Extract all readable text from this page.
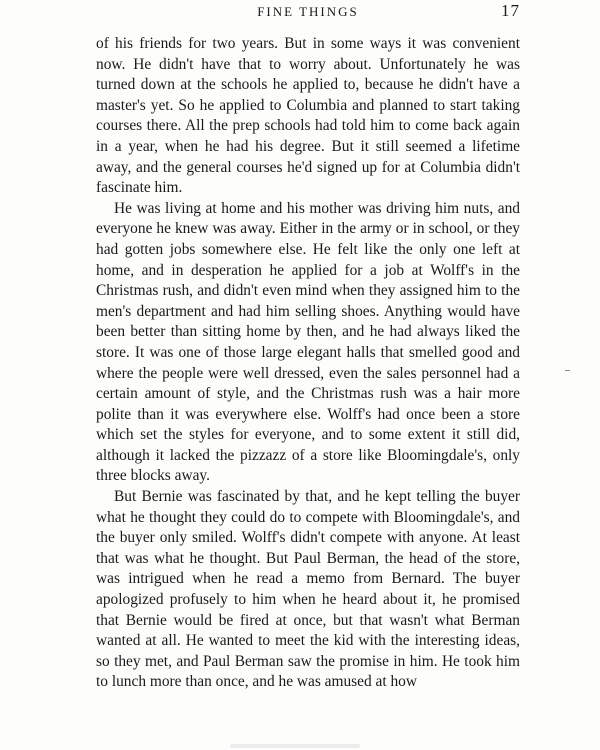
FINE THINGS	17

of his friends for two years. But in some ways it was convenient now. He didn't have that to worry about. Unfortunately he was turned down at the schools he applied to, because he didn't have a master's yet. So he applied to Columbia and planned to start taking courses there. All the prep schools had told him to come back again in a year, when he had his degree. But it still seemed a lifetime away, and the general courses he'd signed up for at Columbia didn't fascinate him.

He was living at home and his mother was driving him nuts, and everyone he knew was away. Either in the army or in school, or they had gotten jobs somewhere else. He felt like the only one left at home, and in desperation he applied for a job at Wolff's in the Christmas rush, and didn't even mind when they assigned him to the men's department and had him selling shoes. Anything would have been better than sitting home by then, and he had always liked the store. It was one of those large elegant halls that smelled good and where the people were well dressed, even the sales personnel had a certain amount of style, and the Christmas rush was a hair more polite than it was everywhere else. Wolff's had once been a store which set the styles for everyone, and to some extent it still did, although it lacked the pizzazz of a store like Bloomingdale's, only three blocks away.

But Bernie was fascinated by that, and he kept telling the buyer what he thought they could do to compete with Bloomingdale's, and the buyer only smiled. Wolff's didn't compete with anyone. At least that was what he thought. But Paul Berman, the head of the store, was intrigued when he read a memo from Bernard. The buyer apologized profusely to him when he heard about it, he promised that Bernie would be fired at once, but that wasn't what Berman wanted at all. He wanted to meet the kid with the interesting ideas, so they met, and Paul Berman saw the promise in him. He took him to lunch more than once, and he was amused at how
